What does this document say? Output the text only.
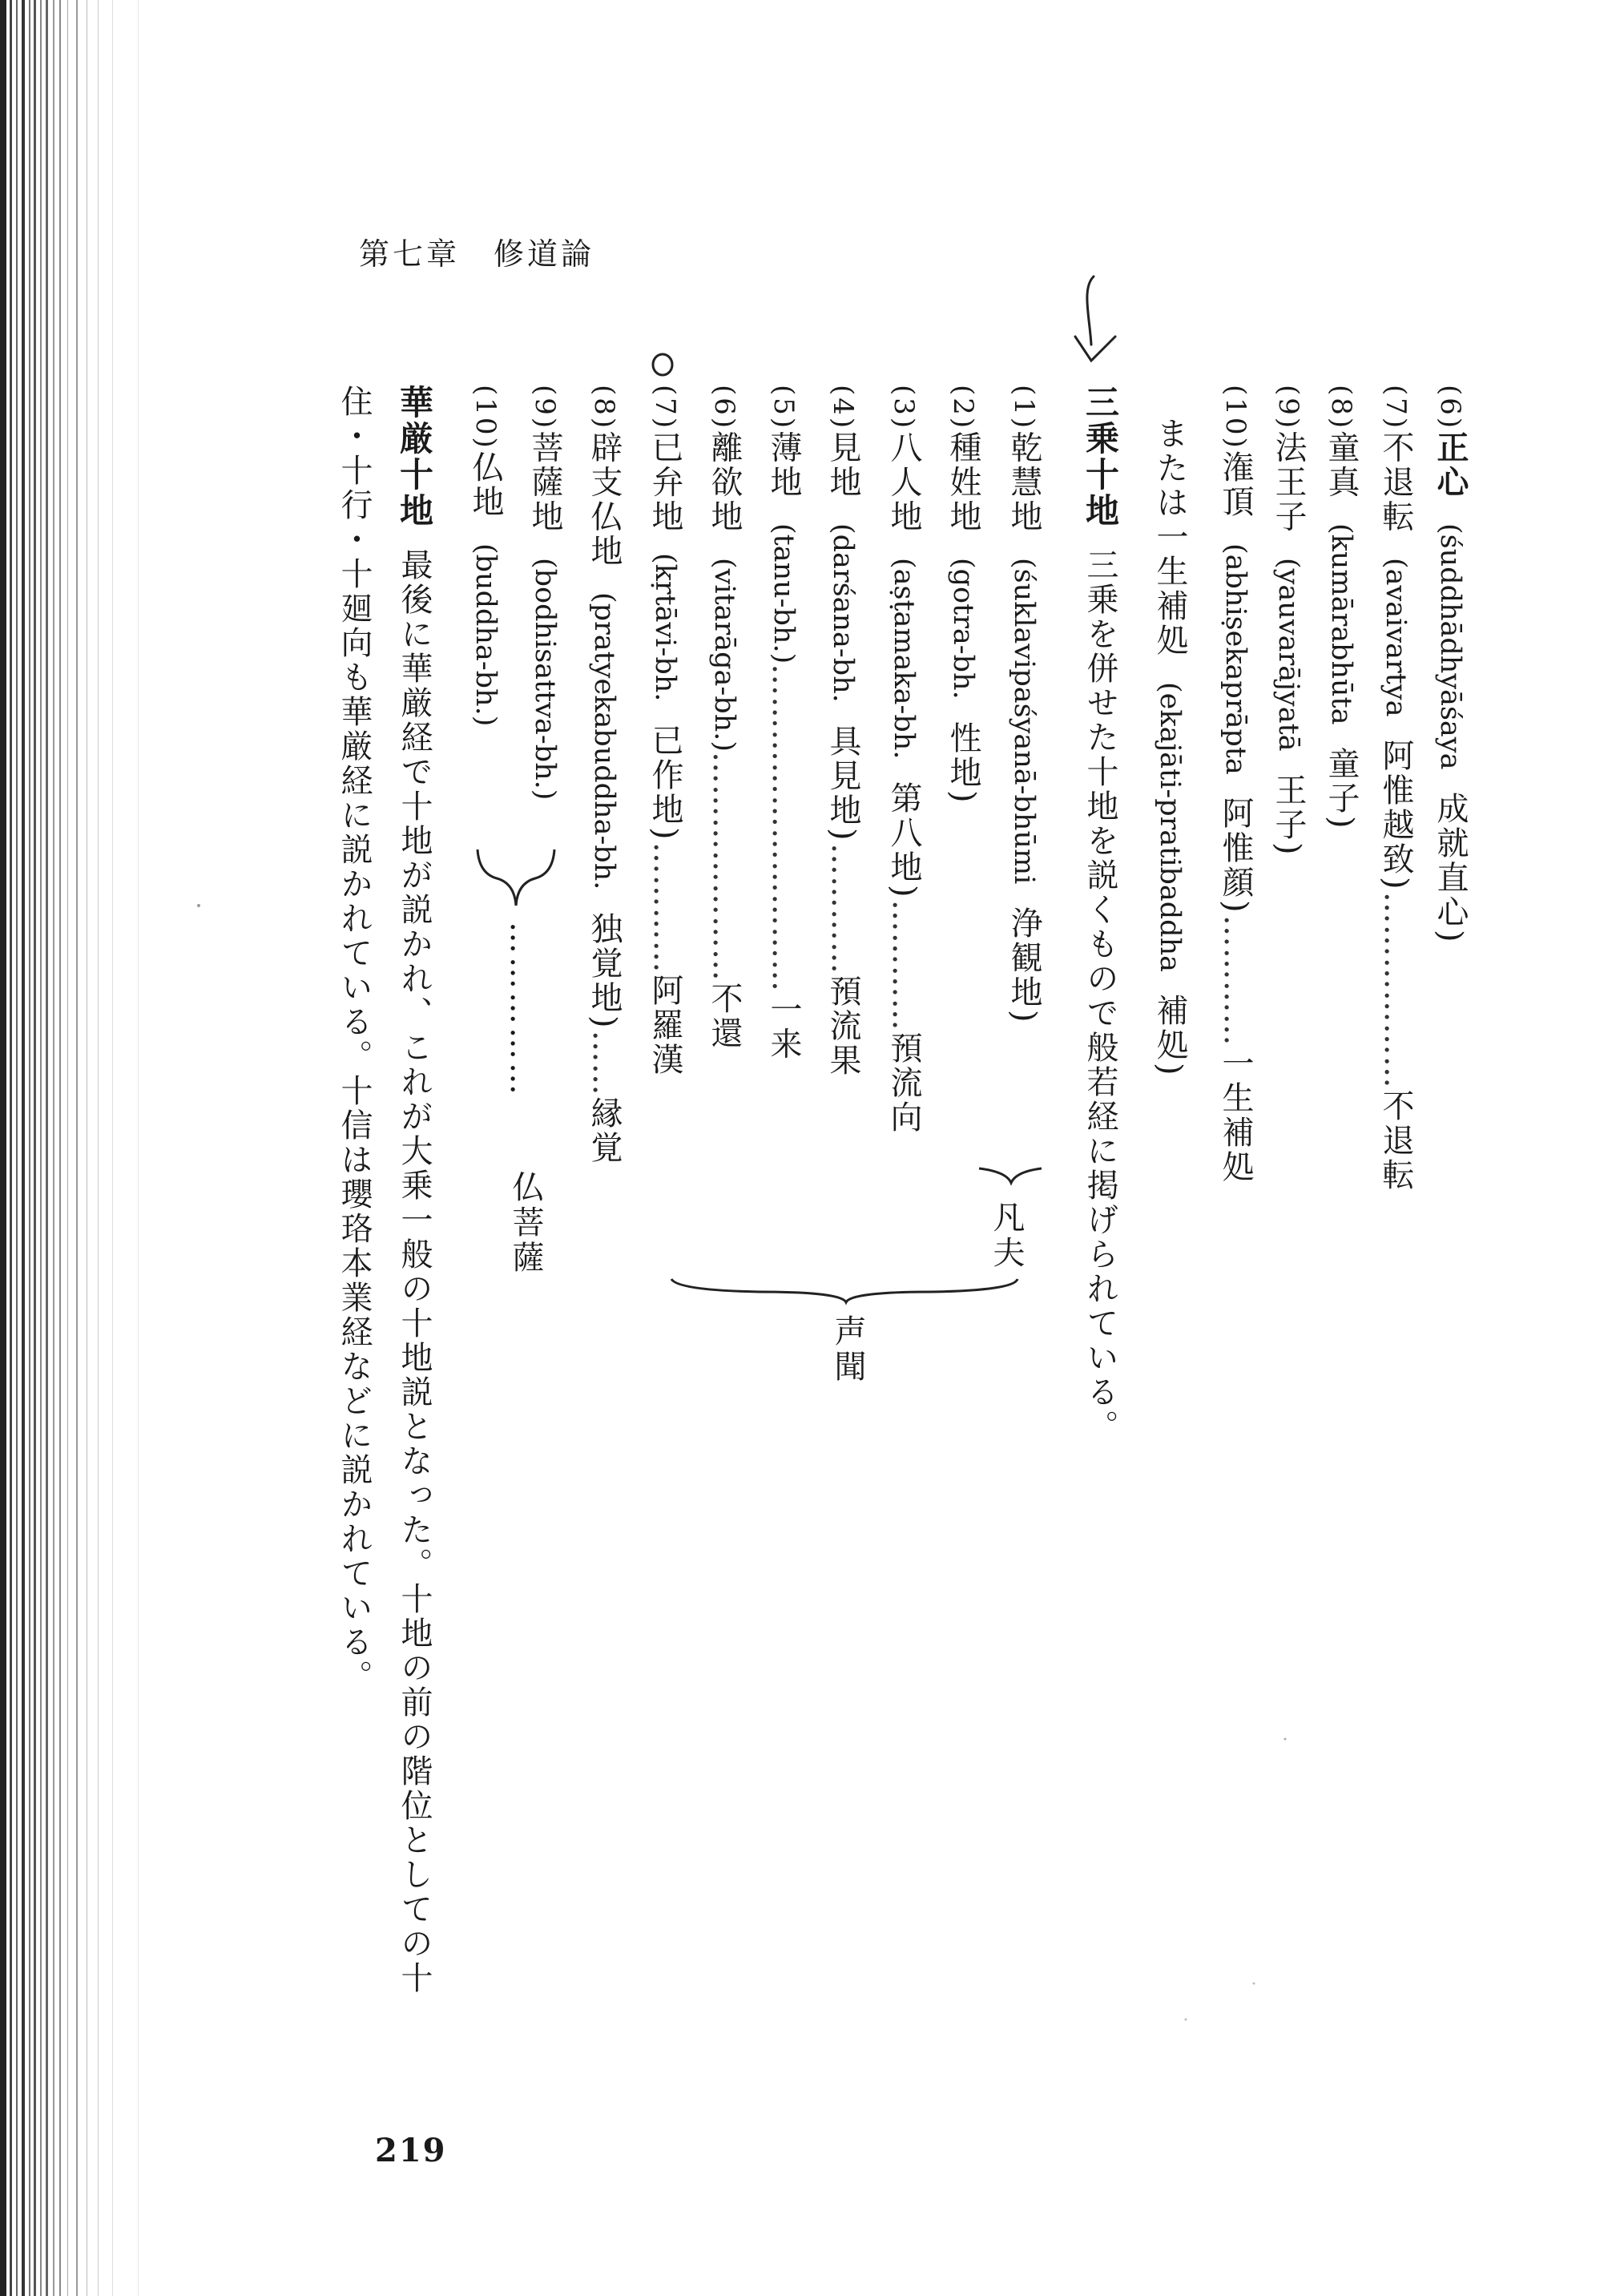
第七章　修道論
(6)正心 (śuddhādhyāśaya 成就直心)
(7)不退転 (avaivartya 阿惟越致)………………不退転
(8)童真 (kumārabhūta 童子)
(9)法王子 (yauvarājyatā 王子)
(10)潅頂 (abhiṣekaprāpta 阿惟顔)…………一生補処
または一生補処 (ekajāti-pratibaddha 補処)
三乗十地三乗を併せた十地を説くもので般若経に掲げられている。
(1)乾慧地 (śuklavipaśyanā-bhūmi 浄観地)
(2)種姓地 (gotra-bh. 性地)
(3)八人地 (aṣṭamaka-bh. 第八地)…………預流向
(4)見地 (darśana-bh. 具見地)…………預流果
(5)薄地 (tanu-bh.)…………………………一来
(6)離欲地 (vitarāga-bh.)…………………不還
(7)已弁地 (kṛtāvi-bh. 已作地)…………阿羅漢
(8)辟支仏地 (pratyekabuddha-bh. 独覚地)……縁覚
(9)菩薩地 (bodhisattva-bh.)
(10)仏地 (buddha-bh.)
凡夫
声聞
……………
仏菩薩
華厳十地最後に華厳経で十地が説かれ、これが大乗一般の十地説となった。十地の前の階位としての十
住・十行・十廻向も華厳経に説かれている。十信は瓔珞本業経などに説かれている。
219
